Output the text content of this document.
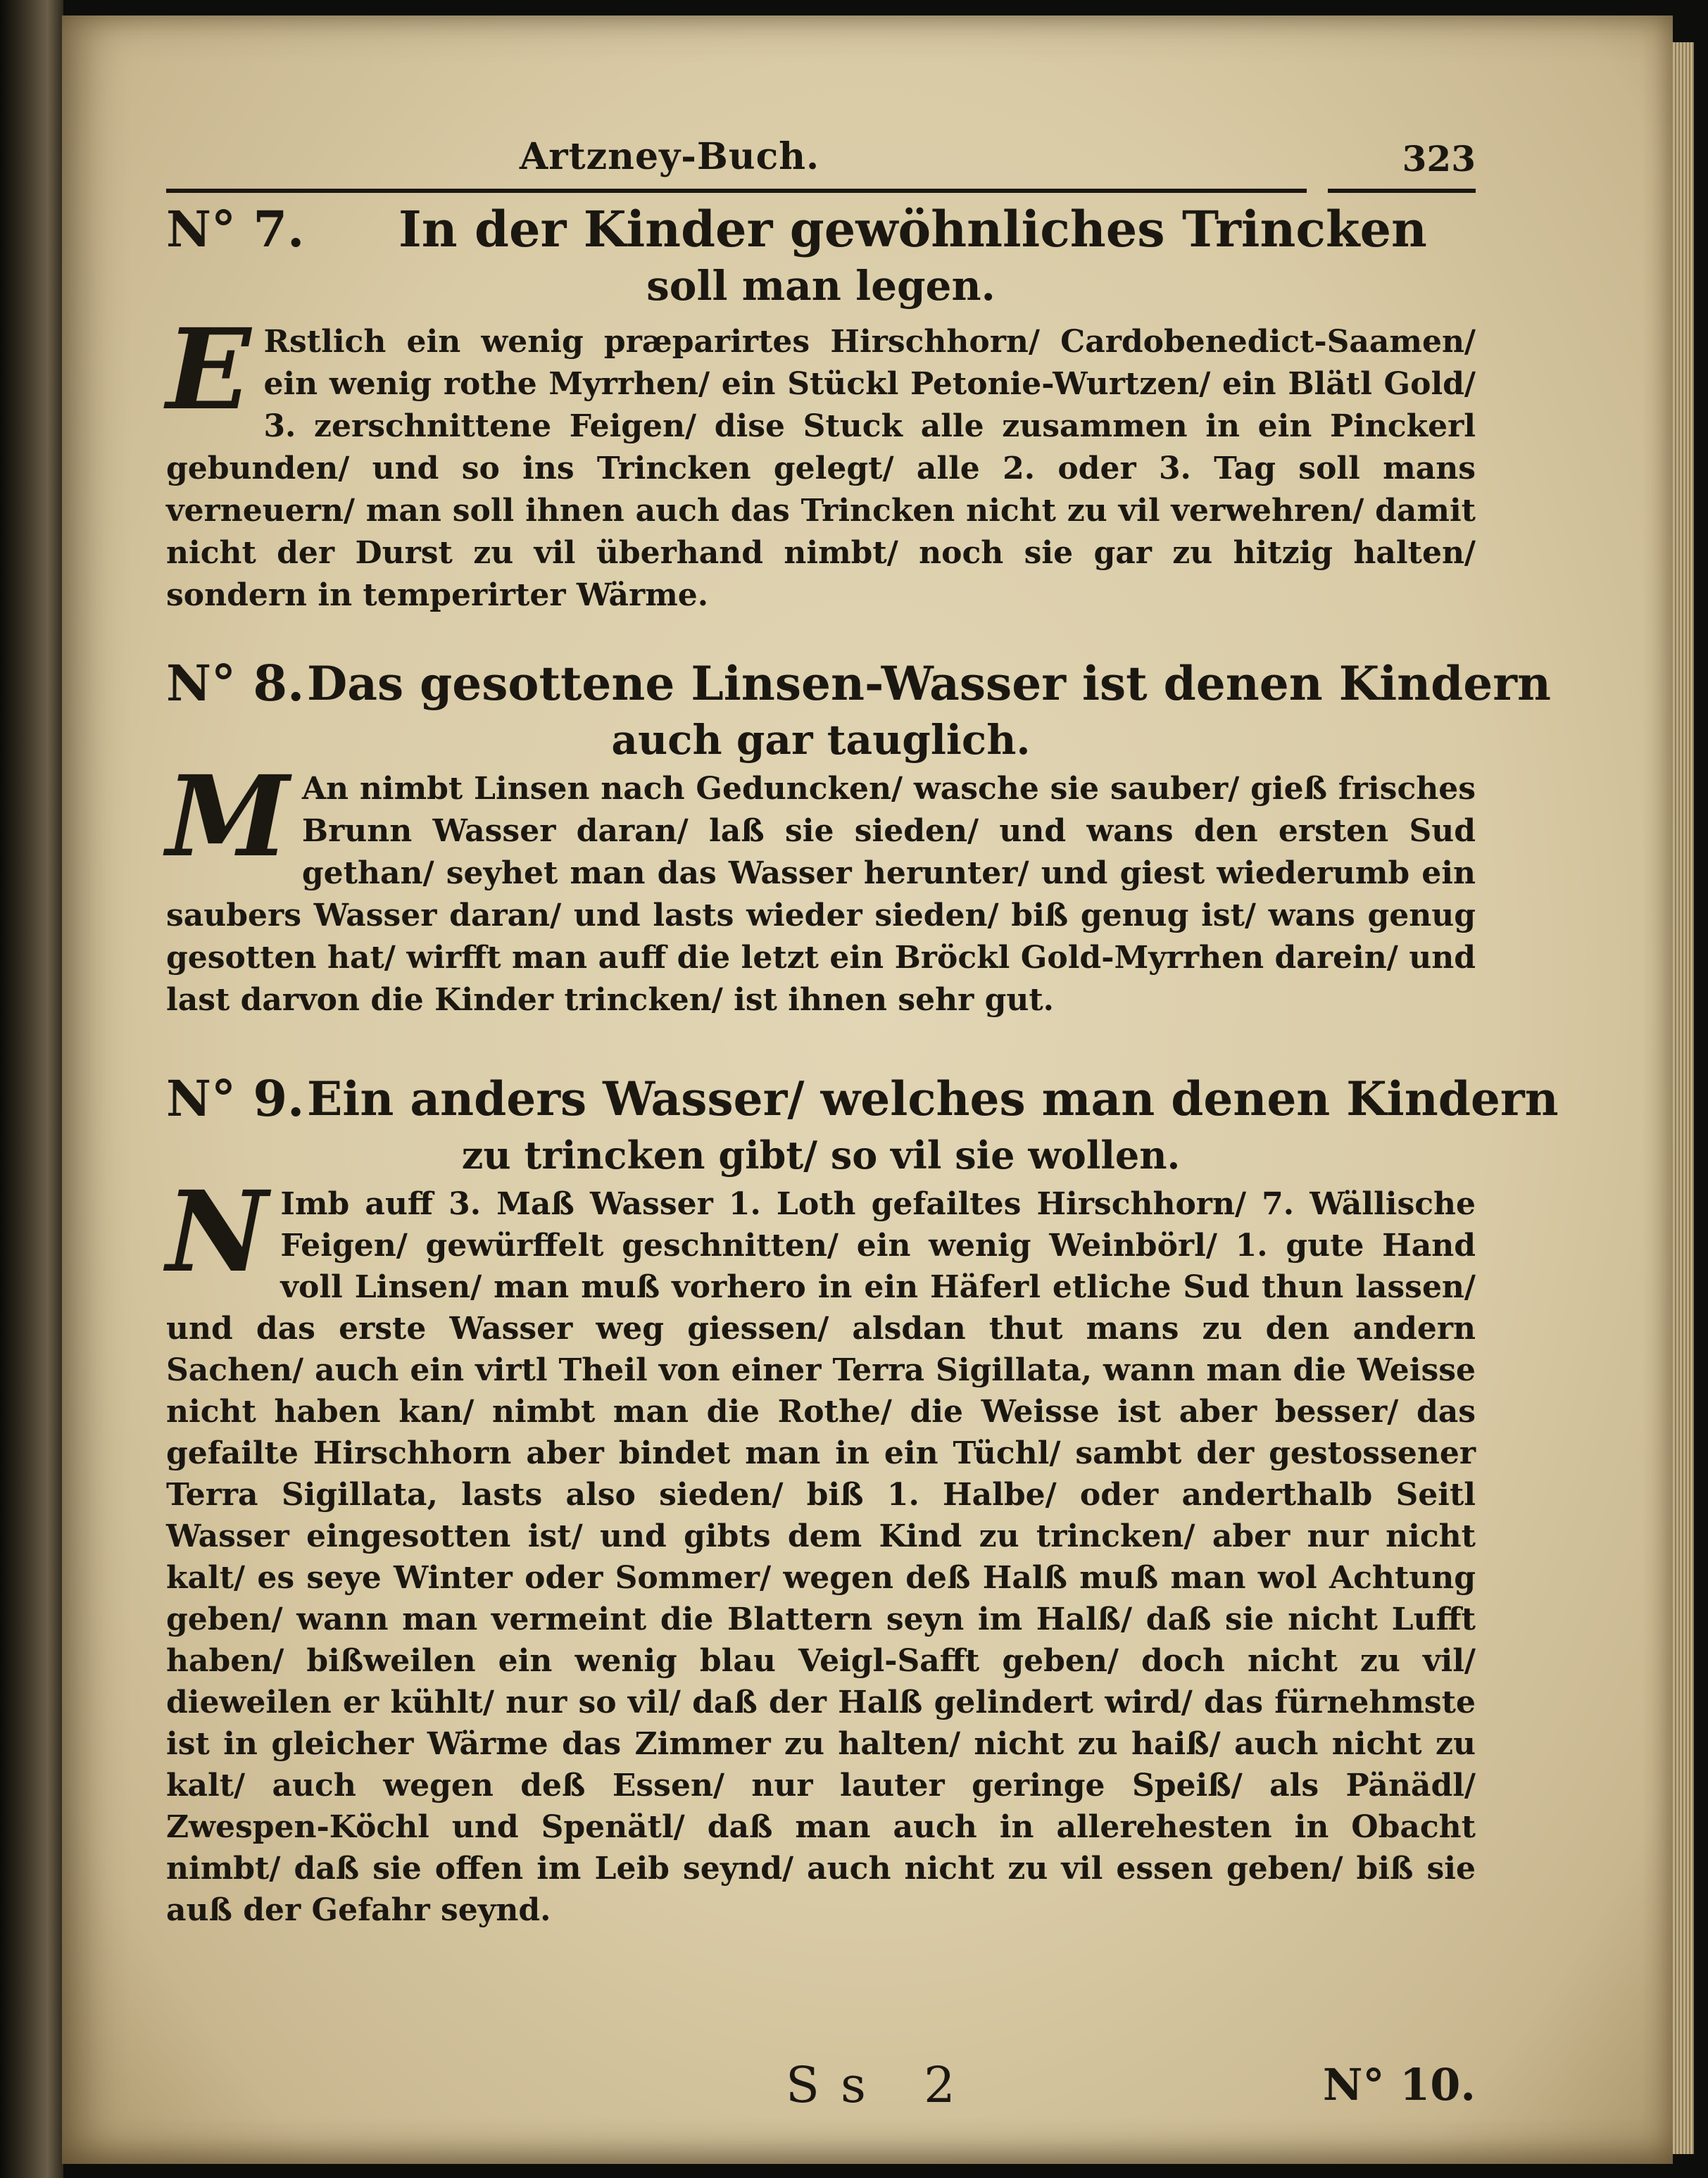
Artzney-Buch.	323
N° 7.	In der Kinder gewöhnliches Trincken
soll man legen.
E Rstlich ein wenig præparirtes Hirschhorn/ Cardobenedict-Saamen/ ein wenig rothe Myrrhen/ ein Stückl Petonie-Wurtzen/ ein Blätl Gold/ 3. zerschnittene Feigen/ dise Stuck alle zusammen in ein Pinckerl gebunden/ und so ins Trincken gelegt/ alle 2. oder 3. Tag soll mans verneuern/ man soll ihnen auch das Trincken nicht zu vil verwehren/ damit nicht der Durst zu vil überhand nimbt/ noch sie gar zu hitzig halten/ sondern in temperirter Wärme.

N° 8. Das gesottene Linsen-Wasser ist denen Kindern
auch gar tauglich.
M An nimbt Linsen nach Geduncken/ wasche sie sauber/ gieß frisches Brunn Wasser daran/ laß sie sieden/ und wans den ersten Sud gethan/ seyhet man das Wasser herunter/ und giest wiederumb ein saubers Wasser daran/ und lasts wieder sieden/ biß genug ist/ wans genug gesotten hat/ wirfft man auff die letzt ein Bröckl Gold-Myrrhen darein/ und last darvon die Kinder trincken/ ist ihnen sehr gut.

N° 9. Ein anders Wasser/ welches man denen Kindern
zu trincken gibt/ so vil sie wollen.
N Imb auff 3. Maß Wasser 1. Loth gefailtes Hirschhorn/ 7. Wällische Feigen/ gewürffelt geschnitten/ ein wenig Weinbörl/ 1. gute Hand voll Linsen/ man muß vorhero in ein Häferl etliche Sud thun lassen/ und das erste Wasser weg giessen/ alsdan thut mans zu den andern Sachen/ auch ein virtl Theil von einer Terra Sigillata, wann man die Weisse nicht haben kan/ nimbt man die Rothe/ die Weisse ist aber besser/ das gefailte Hirschhorn aber bindet man in ein Tüchl/ sambt der gestossener Terra Sigillata, lasts also sieden/ biß 1. Halbe/ oder anderthalb Seitl Wasser eingesotten ist/ und gibts dem Kind zu trincken/ aber nur nicht kalt/ es seye Winter oder Sommer/ wegen deß Halß muß man wol Achtung geben/ wann man vermeint die Blattern seyn im Halß/ daß sie nicht Lufft haben/ bißweilen ein wenig blau Veigl-Safft geben/ doch nicht zu vil/ dieweilen er kühlt/ nur so vil/ daß der Halß gelindert wird/ das fürnehmste ist in gleicher Wärme das Zimmer zu halten/ nicht zu haiß/ auch nicht zu kalt/ auch wegen deß Essen/ nur lauter geringe Speiß/ als Pänädl/ Zwespen-Köchl und Spenätl/ daß man auch in allerehesten in Obacht nimbt/ daß sie offen im Leib seynd/ auch nicht zu vil essen geben/ biß sie auß der Gefahr seynd.

Ss 2	N° 10.
